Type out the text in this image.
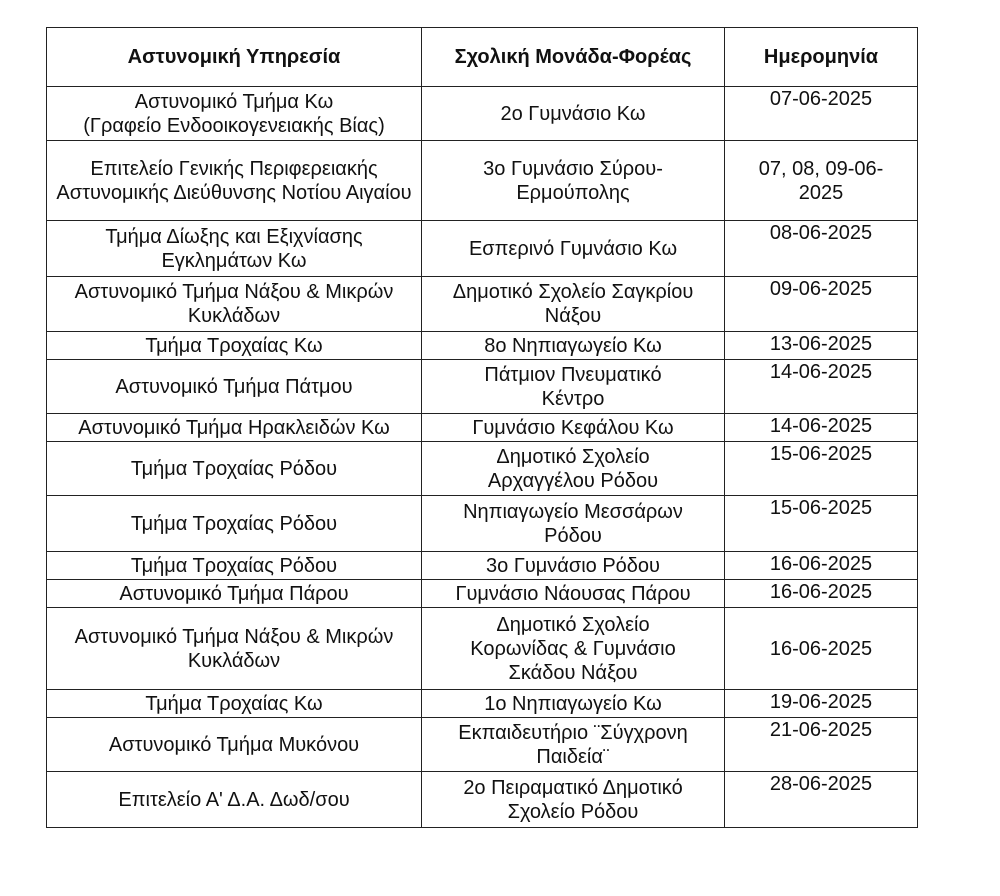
Αστυνομική Υπηρεσία	Σχολική Μονάδα-Φορέας	Ημερομηνία
Αστυνομικό Τμήμα Κω
(Γραφείο Ενδοοικογενειακής Βίας)	2ο Γυμνάσιο Κω	07-06-2025
Επιτελείο Γενικής Περιφερειακής Αστυνομικής Διεύθυνσης Νοτίου Αιγαίου	3ο Γυμνάσιο Σύρου-Ερμούπολης	07, 08, 09-06-2025
Τμήμα Δίωξης και Εξιχνίασης Εγκλημάτων Κω	Εσπερινό Γυμνάσιο Κω	08-06-2025
Αστυνομικό Τμήμα Νάξου & Μικρών Κυκλάδων	Δημοτικό Σχολείο Σαγκρίου Νάξου	09-06-2025
Τμήμα Τροχαίας Κω	8ο Νηπιαγωγείο Κω	13-06-2025
Αστυνομικό Τμήμα Πάτμου	Πάτμιον Πνευματικό Κέντρο	14-06-2025
Αστυνομικό Τμήμα Ηρακλειδών Κω	Γυμνάσιο Κεφάλου Κω	14-06-2025
Τμήμα Τροχαίας Ρόδου	Δημοτικό Σχολείο Αρχαγγέλου Ρόδου	15-06-2025
Τμήμα Τροχαίας Ρόδου	Νηπιαγωγείο Μεσσάρων Ρόδου	15-06-2025
Τμήμα Τροχαίας Ρόδου	3ο Γυμνάσιο Ρόδου	16-06-2025
Αστυνομικό Τμήμα Πάρου	Γυμνάσιο Νάουσας Πάρου	16-06-2025
Αστυνομικό Τμήμα Νάξου & Μικρών Κυκλάδων	Δημοτικό Σχολείο Κορωνίδας & Γυμνάσιο Σκάδου Νάξου	16-06-2025
Τμήμα Τροχαίας Κω	1ο Νηπιαγωγείο Κω	19-06-2025
Αστυνομικό Τμήμα Μυκόνου	Εκπαιδευτήριο ¨Σύγχρονη Παιδεία¨	21-06-2025
Επιτελείο Α' Δ.Α. Δωδ/σου	2ο Πειραματικό Δημοτικό Σχολείο Ρόδου	28-06-2025
